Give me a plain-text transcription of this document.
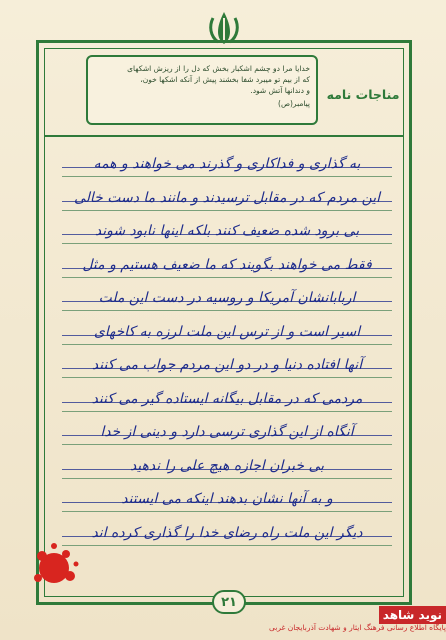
خدایا مرا دو چشم اشکبار بخش که دل را از ریزش اشکهای
که از بیم تو میبرد شفا بخشند پیش از آنکه اشکها خون،
و دندانها آتش شود.
پیامبر(ص)
مناجات نامه
به گذاری و فداکاری و گذرند می خواهند و همه
این مردم که در مقابل ترسیدند و مانند ما دست خالی
بی برود شده ضعیف کنند بلکه اینها نابود شوند
فقط می خواهند بگویند که ما ضعیف هستیم و مثل
اربابانشان آمریکا و روسیه در دست این ملت
اسیر است و از ترس این ملت لرزه به کاخهای
آنها افتاده دنیا و در دو این مردم جواب می کنند
مردمی که در مقابل بیگانه ایستاده گیر می کنند
آنگاه از این گذاری ترسی دارد و دینی از خدا
بی خبران اجازه هیچ علی را ندهید
و به آنها نشان بدهند اینکه می ایستند
دیگر این ملت راه رضای خدا را گذاری کرده اند
۲۱
نوید شاهد
پایگاه اطلاع رسانی فرهنگ ایثار و شهادت آذربایجان غربی
